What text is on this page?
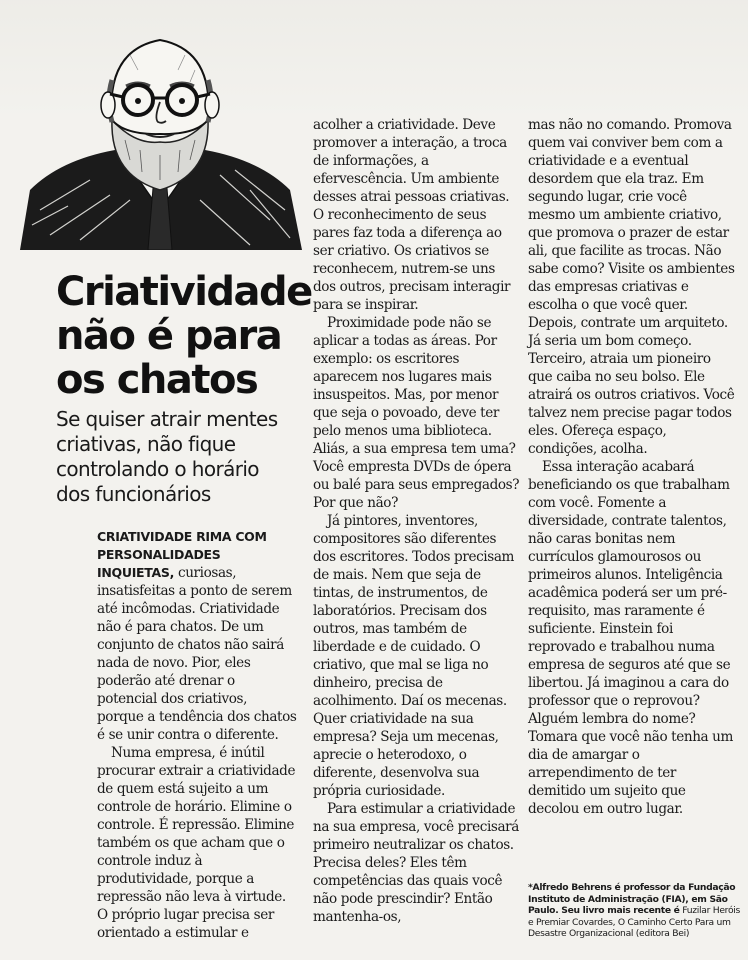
Criatividade não é para os chatos

Se quiser atrair mentes criativas, não fique controlando o horário dos funcionários

CRIATIVIDADE RIMA COM PERSONALIDADES INQUIETAS, curiosas, insatisfeitas a ponto de serem até incômodas. Criatividade não é para chatos. De um conjunto de chatos não sairá nada de novo. Pior, eles poderão até drenar o potencial dos criativos, porque a tendência dos chatos é se unir contra o diferente.

Numa empresa, é inútil procurar extrair a criatividade de quem está sujeito a um controle de horário. Elimine o controle. É repressão. Elimine também os que acham que o controle induz à produtividade, porque a repressão não leva à virtude. O próprio lugar precisa ser orientado a estimular e

acolher a criatividade. Deve promover a interação, a troca de informações, a efervescência. Um ambiente desses atrai pessoas criativas. O reconhecimento de seus pares faz toda a diferença ao ser criativo. Os criativos se reconhecem, nutrem-se uns dos outros, precisam interagir para se inspirar.

Proximidade pode não se aplicar a todas as áreas. Por exemplo: os escritores aparecem nos lugares mais insuspeitos. Mas, por menor que seja o povoado, deve ter pelo menos uma biblioteca. Aliás, a sua empresa tem uma? Você empresta DVDs de ópera ou balé para seus empregados? Por que não?

Já pintores, inventores, compositores são diferentes dos escritores. Todos precisam de mais. Nem que seja de tintas, de instrumentos, de laboratórios. Precisam dos outros, mas também de liberdade e de cuidado. O criativo, que mal se liga no dinheiro, precisa de acolhimento. Daí os mecenas. Quer criatividade na sua empresa? Seja um mecenas, aprecie o heterodoxo, o diferente, desenvolva sua própria curiosidade.

Para estimular a criatividade na sua empresa, você precisará primeiro neutralizar os chatos. Precisa deles? Eles têm competências das quais você não pode prescindir? Então mantenha-os,

mas não no comando. Promova quem vai conviver bem com a criatividade e a eventual desordem que ela traz. Em segundo lugar, crie você mesmo um ambiente criativo, que promova o prazer de estar ali, que facilite as trocas. Não sabe como? Visite os ambientes das empresas criativas e escolha o que você quer. Depois, contrate um arquiteto. Já seria um bom começo. Terceiro, atraia um pioneiro que caiba no seu bolso. Ele atrairá os outros criativos. Você talvez nem precise pagar todos eles. Ofereça espaço, condições, acolha.

Essa interação acabará beneficiando os que trabalham com você. Fomente a diversidade, contrate talentos, não caras bonitas nem currículos glamourosos ou primeiros alunos. Inteligência acadêmica poderá ser um pré-requisito, mas raramente é suficiente. Einstein foi reprovado e trabalhou numa empresa de seguros até que se libertou. Já imaginou a cara do professor que o reprovou? Alguém lembra do nome? Tomara que você não tenha um dia de amargar o arrependimento de ter demitido um sujeito que decolou em outro lugar.

*Alfredo Behrens é professor da Fundação Instituto de Administração (FIA), em São Paulo. Seu livro mais recente é Fuzilar Heróis e Premiar Covardes, O Caminho Certo Para um Desastre Organizacional (editora Bei)
